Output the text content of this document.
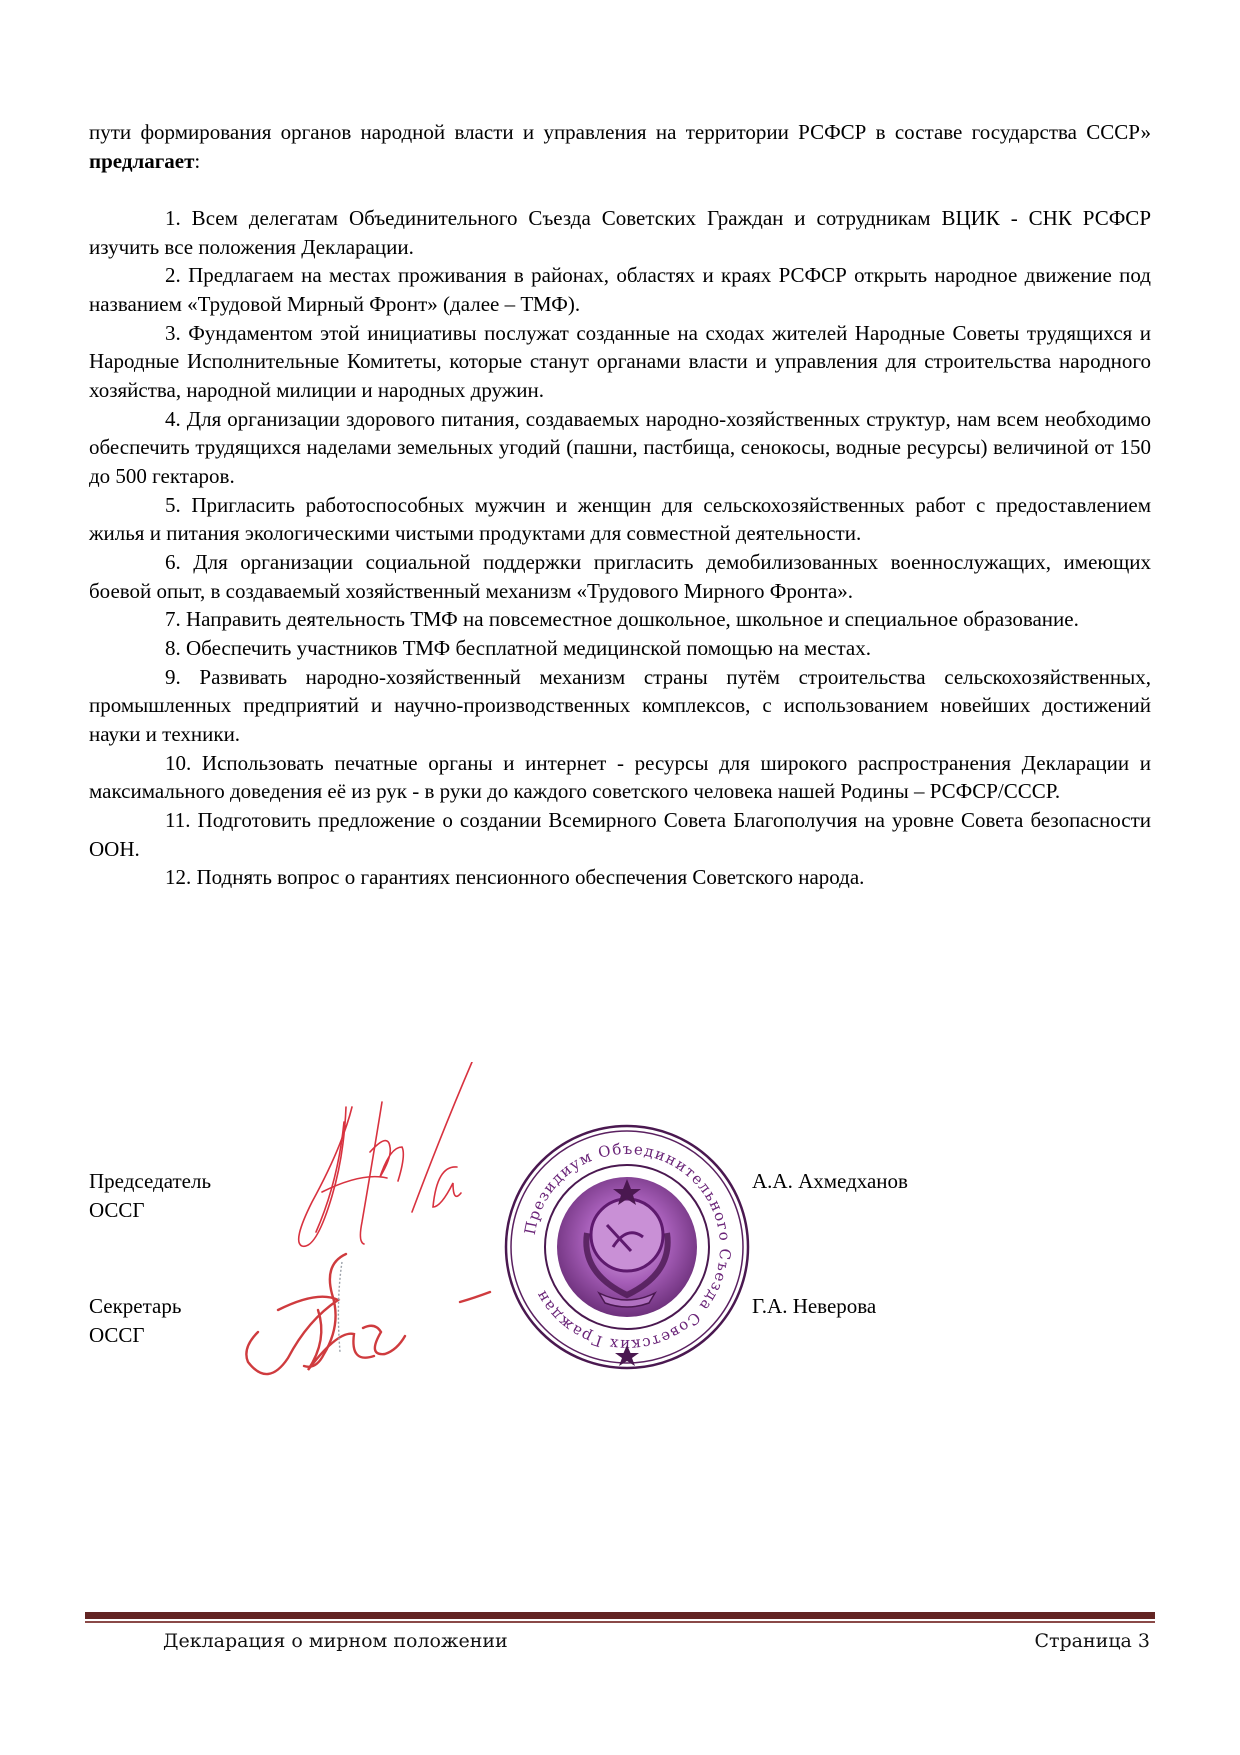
пути формирования органов народной власти и управления на территории РСФСР в составе государства СССР» предлагает:

1. Всем делегатам Объединительного Съезда Советских Граждан и сотрудникам ВЦИК - СНК РСФСР изучить все положения Декларации.

2. Предлагаем на местах проживания в районах, областях и краях РСФСР открыть народное движение под названием «Трудовой Мирный Фронт» (далее – ТМФ).

3. Фундаментом этой инициативы послужат созданные на сходах жителей Народные Советы трудящихся и Народные Исполнительные Комитеты, которые станут органами власти и управления для строительства народного хозяйства, народной милиции и народных дружин.

4. Для организации здорового питания, создаваемых народно-хозяйственных структур, нам всем необходимо обеспечить трудящихся наделами земельных угодий (пашни, пастбища, сенокосы, водные ресурсы) величиной от 150 до 500 гектаров.

5. Пригласить работоспособных мужчин и женщин для сельскохозяйственных работ с предоставлением жилья и питания экологическими чистыми продуктами для совместной деятельности.

6. Для организации социальной поддержки пригласить демобилизованных военнослужащих, имеющих боевой опыт, в создаваемый хозяйственный механизм «Трудового Мирного Фронта».

7. Направить деятельность ТМФ на повсеместное дошкольное, школьное и специальное образование.

8. Обеспечить участников ТМФ бесплатной медицинской помощью на местах.

9. Развивать народно-хозяйственный механизм страны путём строительства сельскохозяйственных, промышленных предприятий и научно-производственных комплексов, с использованием новейших достижений науки и техники.

10. Использовать печатные органы и интернет - ресурсы для широкого распространения Декларации и максимального доведения её из рук - в руки до каждого советского человека нашей Родины – РСФСР/СССР.

11. Подготовить предложение о создании Всемирного Совета Благополучия на уровне Совета безопасности ООН.

12. Поднять вопрос о гарантиях пенсионного обеспечения Советского народа.

Председатель
ОССГ
А.А. Ахмедханов
Секретарь
ОССГ
Г.А. Неверова
Президиум Объединительного Съезда Советских Граждан
Декларация о мирном положении	Страница 3
